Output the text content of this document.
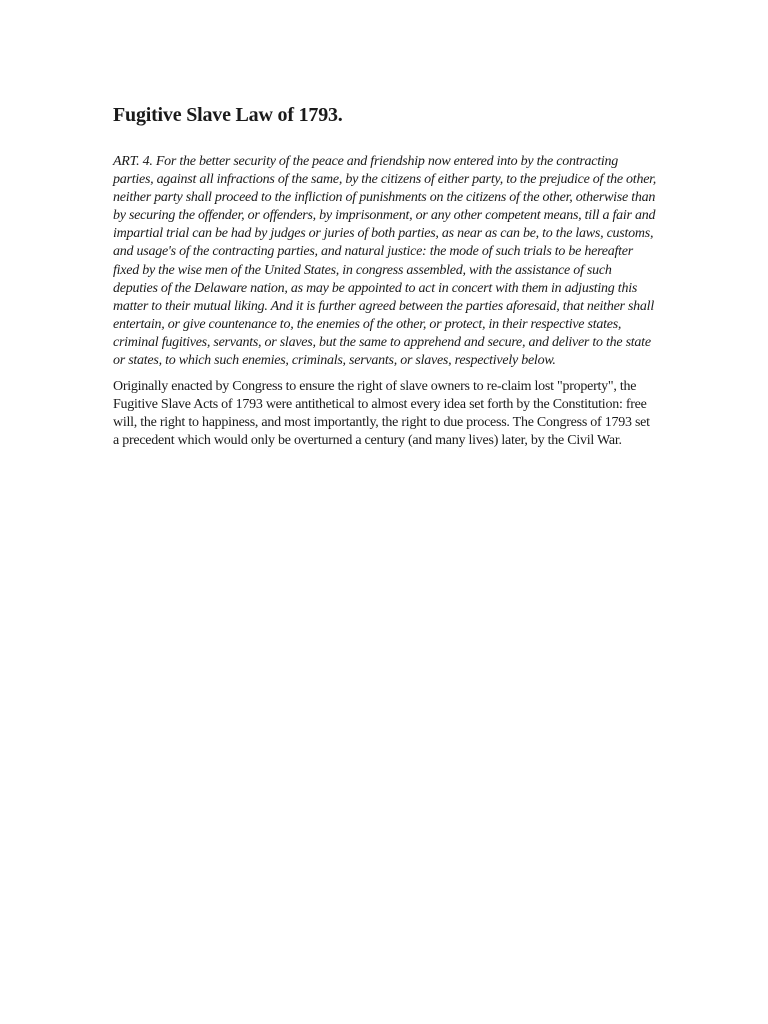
Fugitive Slave Law of 1793.

ART. 4. For the better security of the peace and friendship now entered into by the contracting parties, against all infractions of the same, by the citizens of either party, to the prejudice of the other, neither party shall proceed to the infliction of punishments on the citizens of the other, otherwise than by securing the offender, or offenders, by imprisonment, or any other competent means, till a fair and impartial trial can be had by judges or juries of both parties, as near as can be, to the laws, customs, and usage's of the contracting parties, and natural justice: the mode of such trials to be hereafter fixed by the wise men of the United States, in congress assembled, with the assistance of such deputies of the Delaware nation, as may be appointed to act in concert with them in adjusting this matter to their mutual liking. And it is further agreed between the parties aforesaid, that neither shall entertain, or give countenance to, the enemies of the other, or protect, in their respective states, criminal fugitives, servants, or slaves, but the same to apprehend and secure, and deliver to the state or states, to which such enemies, criminals, servants, or slaves, respectively below.

Originally enacted by Congress to ensure the right of slave owners to re-claim lost "property", the Fugitive Slave Acts of 1793 were antithetical to almost every idea set forth by the Constitution: free will, the right to happiness, and most importantly, the right to due process. The Congress of 1793 set a precedent which would only be overturned a century (and many lives) later, by the Civil War.
